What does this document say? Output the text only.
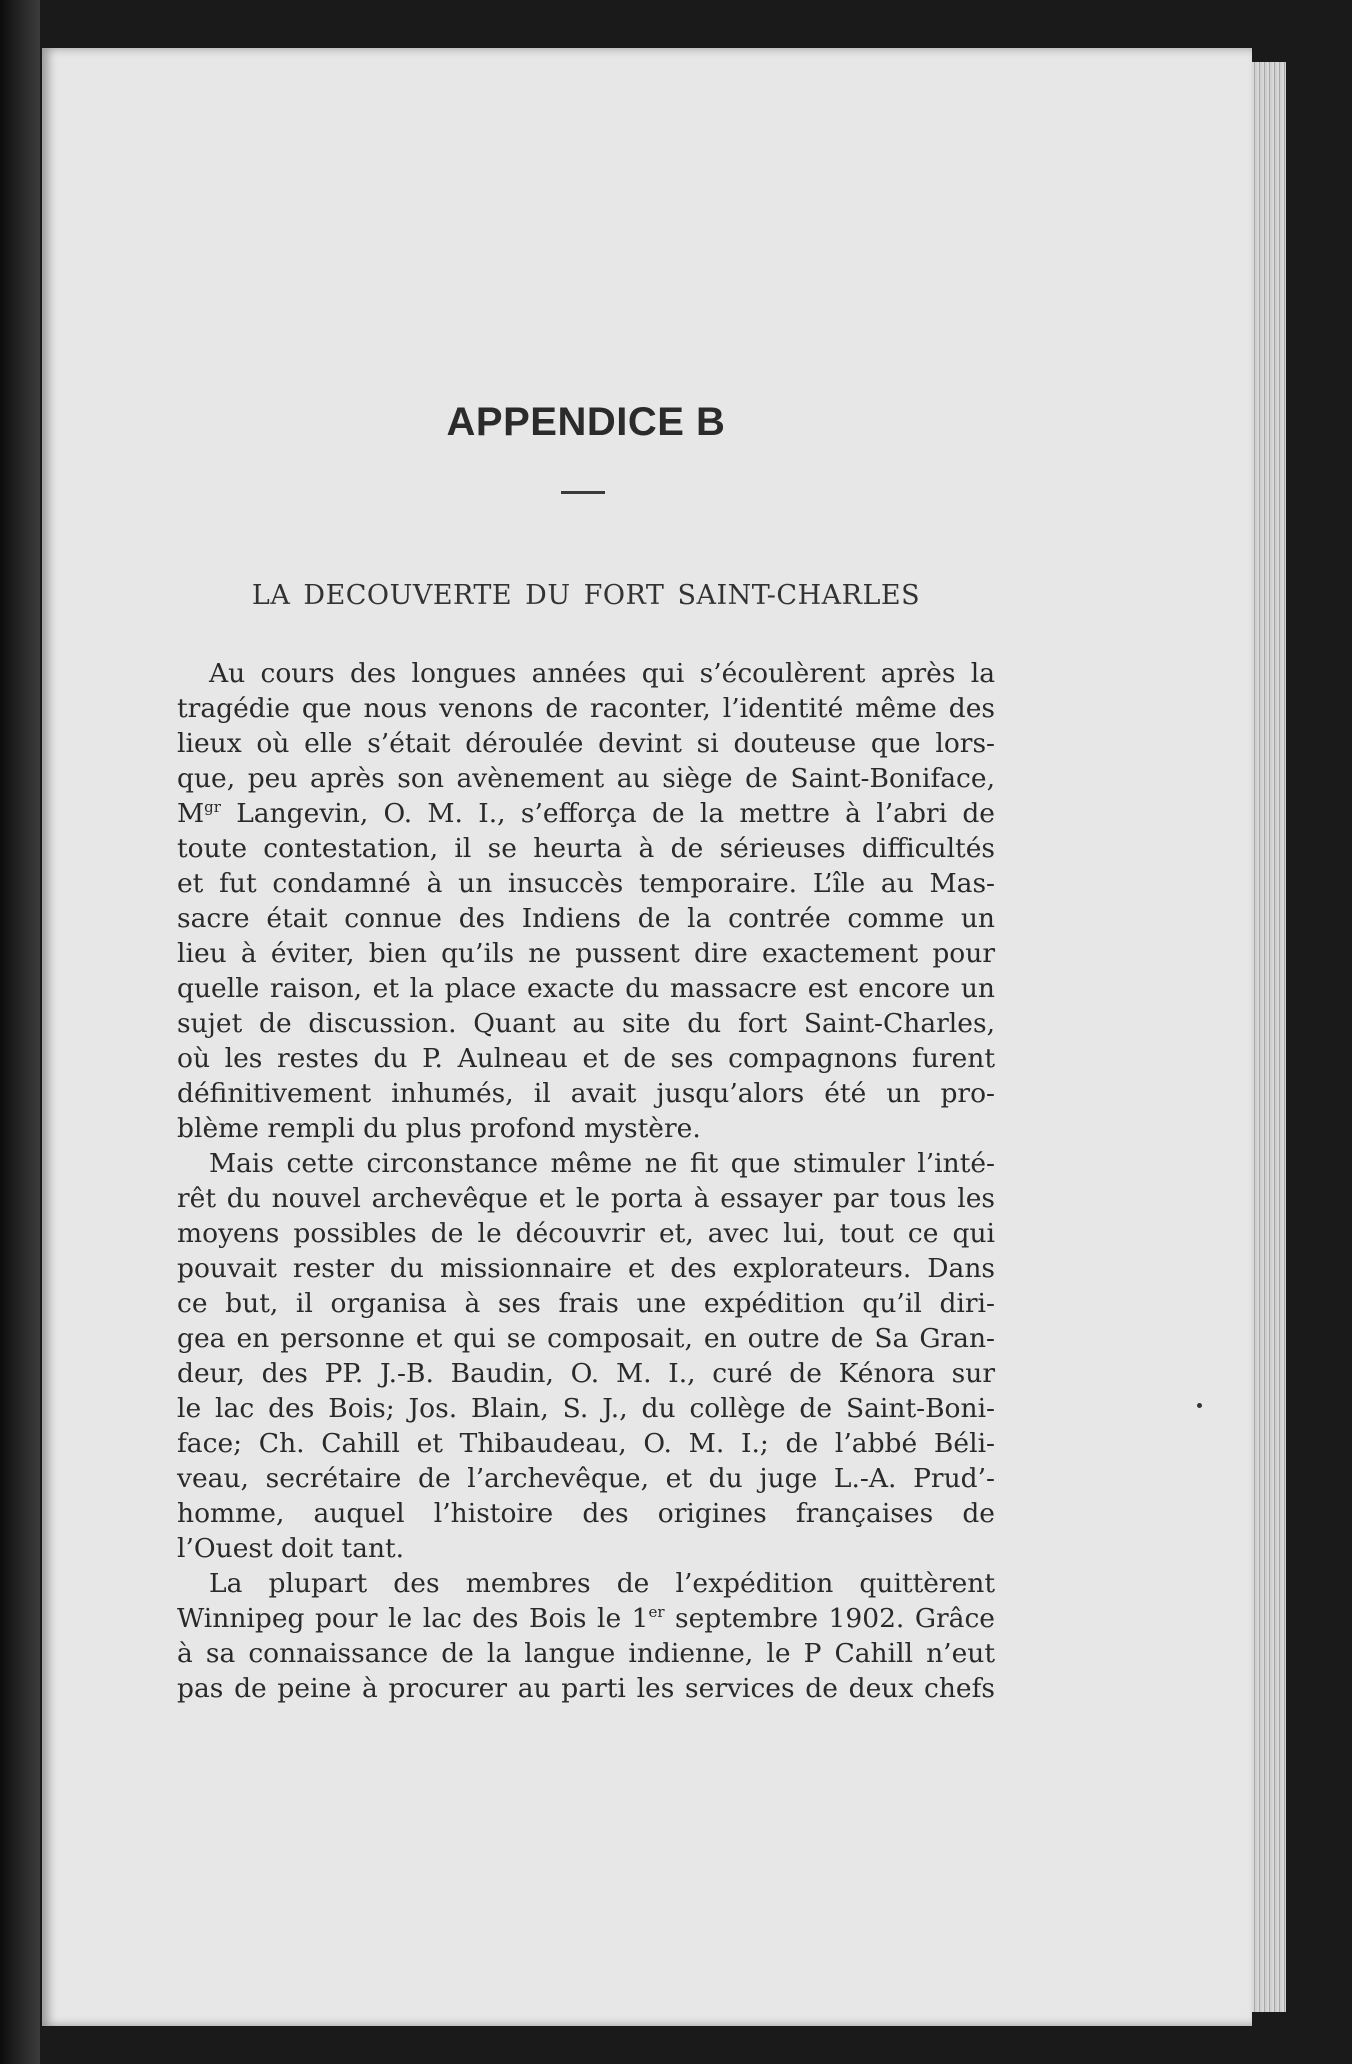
APPENDICE B
LA DECOUVERTE DU FORT SAINT-CHARLES
Au cours des longues années qui s’écoulèrent après la
tragédie que nous venons de raconter, l’identité même des
lieux où elle s’était déroulée devint si douteuse que lors-
que, peu après son avènement au siège de Saint-Boniface,
$M^{gr}$ Langevin, O. M. I., s’efforça de la mettre à l’abri de
toute contestation, il se heurta à de sérieuses difficultés
et fut condamné à un insuccès temporaire. L’île au Mas-
sacre était connue des Indiens de la contrée comme un
lieu à éviter, bien qu’ils ne pussent dire exactement pour
quelle raison, et la place exacte du massacre est encore un
sujet de discussion. Quant au site du fort Saint-Charles,
où les restes du P. Aulneau et de ses compagnons furent
définitivement inhumés, il avait jusqu’alors été un pro-
blème rempli du plus profond mystère.
Mais cette circonstance même ne fit que stimuler l’inté-
rêt du nouvel archevêque et le porta à essayer par tous les
moyens possibles de le découvrir et, avec lui, tout ce qui
pouvait rester du missionnaire et des explorateurs. Dans
ce but, il organisa à ses frais une expédition qu’il diri-
gea en personne et qui se composait, en outre de Sa Gran-
deur, des PP. J.-B. Baudin, O. M. I., curé de Kénora sur
le lac des Bois; Jos. Blain, S. J., du collège de Saint-Boni-
face; Ch. Cahill et Thibaudeau, O. M. I.; de l’abbé Béli-
veau, secrétaire de l’archevêque, et du juge L.-A. Prud’-
homme, auquel l’histoire des origines françaises de
l’Ouest doit tant.
La plupart des membres de l’expédition quittèrent
Winnipeg pour le lac des Bois le 1er septembre 1902. Grâce
à sa connaissance de la langue indienne, le P Cahill n’eut
pas de peine à procurer au parti les services de deux chefs
